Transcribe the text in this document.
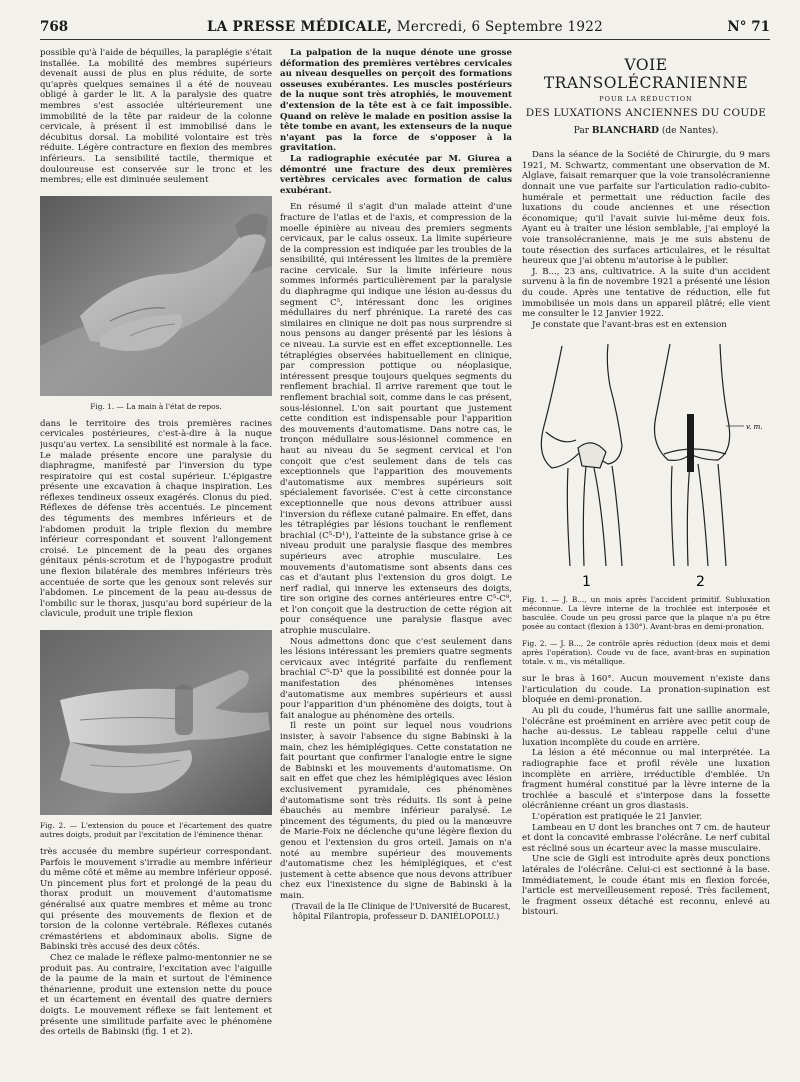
768	LA PRESSE MÉDICALE, Mercredi, 6 Septembre 1922	N° 71

possible qu'à l'aide de béquilles, la paraplégie s'était installée. La mobilité des membres supérieurs devenait aussi de plus en plus réduite, de sorte qu'après quelques semaines il a été de nouveau obligé à garder le lit. A la paralysie des quatre membres s'est associée ultérieurement une immobilité de la tête par raideur de la colonne cervicale, à présent il est immobilisé dans le décubitus dorsal. La mobilité volontaire est très réduite. Légère contracture en flexion des membres inférieurs. La sensibilité tactile, thermique et douloureuse est conservée sur le tronc et les membres; elle est diminuée seulement

Fig. 1. — La main à l'état de repos.

dans le territoire des trois premières racines cervicales postérieures, c'est-à-dire à la nuque jusqu'au vertex. La sensibilité est normale à la face. Le malade présente encore une paralysie du diaphragme, manifesté par l'inversion du type respiratoire qui est costal supérieur. L'épigastre présente une excavation à chaque inspiration. Les réflexes tendineux osseux exagérés. Clonus du pied. Réflexes de défense très accentués. Le pincement des téguments des membres inférieurs et de l'abdomen produit la triple flexion du membre inférieur correspondant et souvent l'allongement croisé. Le pincement de la peau des organes génitaux pénis-scrotum et de l'hypogastre produit une flexion bilatérale des membres inférieurs très accentuée de sorte que les genoux sont relevés sur l'abdomen. Le pincement de la peau au-dessus de l'ombilic sur le thorax, jusqu'au bord supérieur de la clavicule, produit une triple flexion

Fig. 2. — L'extension du pouce et l'écartement des quatre autres doigts, produit par l'excitation de l'éminence thénar.

très accusée du membre supérieur correspondant. Parfois le mouvement s'irradie au membre inférieur du même côté et même au membre inférieur opposé. Un pincement plus fort et prolongé de la peau du thorax produit un mouvement d'automatisme généralisé aux quatre membres et même au tronc qui présente des mouvements de flexion et de torsion de la colonne vertébrale. Réflexes cutanés crémastériens et abdominaux abolis. Signe de Babinski très accusé des deux côtés.

Chez ce malade le réflexe palmo-mentonnier ne se produit pas. Au contraire, l'excitation avec l'aiguille de la paume de la main et surtout de l'éminence thénarienne, produit une extension nette du pouce et un écartement en éventail des quatre derniers doigts. Le mouvement réflexe se fait lentement et présente une similitude parfaite avec le phénomène des orteils de Babinski (fig. 1 et 2).

La palpation de la nuque dénote une grosse déformation des premières vertèbres cervicales au niveau desquelles on perçoit des formations osseuses exubérantes. Les muscles postérieurs de la nuque sont très atrophiés, le mouvement d'extension de la tête est à ce fait impossible. Quand on relève le malade en position assise la tête tombe en avant, les extenseurs de la nuque n'ayant pas la force de s'opposer à la gravitation.

La radiographie exécutée par M. Giurea a démontré une fracture des deux premières vertèbres cervicales avec formation de calus exubérant.

En résumé il s'agit d'un malade atteint d'une fracture de l'atlas et de l'axis, et compression de la moelle épinière au niveau des premiers segments cervicaux, par le calus osseux. La limite supérieure de la compression est indiquée par les troubles de la sensibilité, qui intéressent les limites de la première racine cervicale. Sur la limite inférieure nous sommes informés particulièrement par la paralysie du diaphragme qui indique une lésion au-dessus du segment C⁵, intéressant donc les origines médullaires du nerf phrénique. La rareté des cas similaires en clinique ne doit pas nous surprendre si nous pensons au danger présenté par les lésions à ce niveau. La survie est en effet exceptionnelle. Les tétraplégies observées habituellement en clinique, par compression pottique ou néoplasique, intéressent presque toujours quelques segments du renflement brachial. Il arrive rarement que tout le renflement brachial soit, comme dans le cas présent, sous-lésionnel. L'on sait pourtant que justement cette condition est indispensable pour l'apparition des mouvements d'automatisme. Dans notre cas, le tronçon médullaire sous-lésionnel commence en haut au niveau du 5e segment cervical et l'on conçoit que c'est seulement dans de tels cas exceptionnels que l'apparition des mouvements d'automatisme aux membres supérieurs soit spécialement favorisée. C'est à cette circonstance exceptionnelle que nous devons attribuer aussi l'inversion du réflexe cutané palmaire. En effet, dans les tétraplégies par lésions touchant le renflement brachial (C⁵-D¹), l'atteinte de la substance grise à ce niveau produit une paralysie flasque des membres supérieurs avec atrophie musculaire. Les mouvements d'automatisme sont absents dans ces cas et d'autant plus l'extension du gros doigt. Le nerf radial, qui innerve les extenseurs des doigts, tire son origine des cornes antérieures entre C⁵-C⁸, et l'on conçoit que la destruction de cette région ait pour conséquence une paralysie flasque avec atrophie musculaire.

Nous admettons donc que c'est seulement dans les lésions intéressant les premiers quatre segments cervicaux avec intégrité parfaite du renflement brachial C⁵-D¹ que la possibilité est donnée pour la manifestation des phénomènes intenses d'automatisme aux membres supérieurs et aussi pour l'apparition d'un phénomène des doigts, tout à fait analogue au phénomène des orteils.

Il reste un point sur lequel nous voudrions insister, à savoir l'absence du signe Babinski à la main, chez les hémiplégiques. Cette constatation ne fait pourtant que confirmer l'analogie entre le signe de Babinski et les mouvements d'automatisme. On sait en effet que chez les hémiplégiques avec lésion exclusivement pyramidale, ces phénomènes d'automatisme sont très réduits. Ils sont à peine ébauchés au membre inférieur paralysé. Le pincement des téguments, du pied ou la manœuvre de Marie-Foix ne déclenche qu'une légère flexion du genou et l'extension du gros orteil. Jamais on n'a noté au membre supérieur des mouvements d'automatisme chez les hémiplégiques, et c'est justement à cette absence que nous devons attribuer chez eux l'inexistence du signe de Babinski à la main.

(Travail de la IIe Clinique de l'Université de Bucarest, hôpital Filantropia, professeur D. DANIÉLOPOLU.)

VOIE TRANSOLÉCRANIENNE
POUR LA RÉDUCTION
DES LUXATIONS ANCIENNES DU COUDE
Par BLANCHARD (de Nantes).

Dans la séance de la Société de Chirurgie, du 9 mars 1921, M. Schwartz, commentant une observation de M. Alglave, faisait remarquer que la voie transolécranienne donnait une vue parfaite sur l'articulation radio-cubito-humérale et permettait une réduction facile des luxations du coude anciennes et une résection économique; qu'il l'avait suivie lui-même deux fois. Ayant eu à traiter une lésion semblable, j'ai employé la voie transolécranienne, mais je me suis abstenu de toute résection des surfaces articulaires, et le résultat heureux que j'ai obtenu m'autorise à le publier.

J. B..., 23 ans, cultivatrice. A la suite d'un accident survenu à la fin de novembre 1921 a présenté une lésion du coude. Après une tentative de réduction, elle fut immobilisée un mois dans un appareil plâtré; elle vient me consulter le 12 Janvier 1922.

Je constate que l'avant-bras est en extension

v. m.
1	2
Fig. 1. — J. B..., un mois après l'accident primitif. Subluxation méconnue. La lèvre interne de la trochlée est interposée et basculée. Coude un peu grossi parce que la plaque n'a pu être posée au contact (flexion à 130°). Avant-bras en demi-pronation.
Fig. 2. — J. B..., 2e contrôle après réduction (deux mois et demi après l'opération). Coude vu de face, avant-bras en supination totale. v. m., vis métallique.

sur le bras à 160°. Aucun mouvement n'existe dans l'articulation du coude. La pronation-supination est bloquée en demi-pronation.

Au pli du coude, l'humérus fait une saillie anormale, l'olécrâne est proéminent en arrière avec petit coup de hache au-dessus. Le tableau rappelle celui d'une luxation incomplète du coude en arrière.

La lésion a été méconnue ou mal interprétée. La radiographie face et profil révèle une luxation incomplète en arrière, irréductible d'emblée. Un fragment huméral constitué par la lèvre interne de la trochlée a basculé et s'interpose dans la fossette olécrânienne créant un gros diastasis.

L'opération est pratiquée le 21 Janvier.

Lambeau en U dont les branches ont 7 cm. de hauteur et dont la concavité embrasse l'olécrâne. Le nerf cubital est récliné sous un écarteur avec la masse musculaire.

Une scie de Gigli est introduite après deux ponctions latérales de l'olécrâne. Celui-ci est sectionné à la base. Immédiatement, le coude étant mis en flexion forcée, l'article est merveilleusement reposé. Très facilement, le fragment osseux détaché est reconnu, enlevé au bistouri.
